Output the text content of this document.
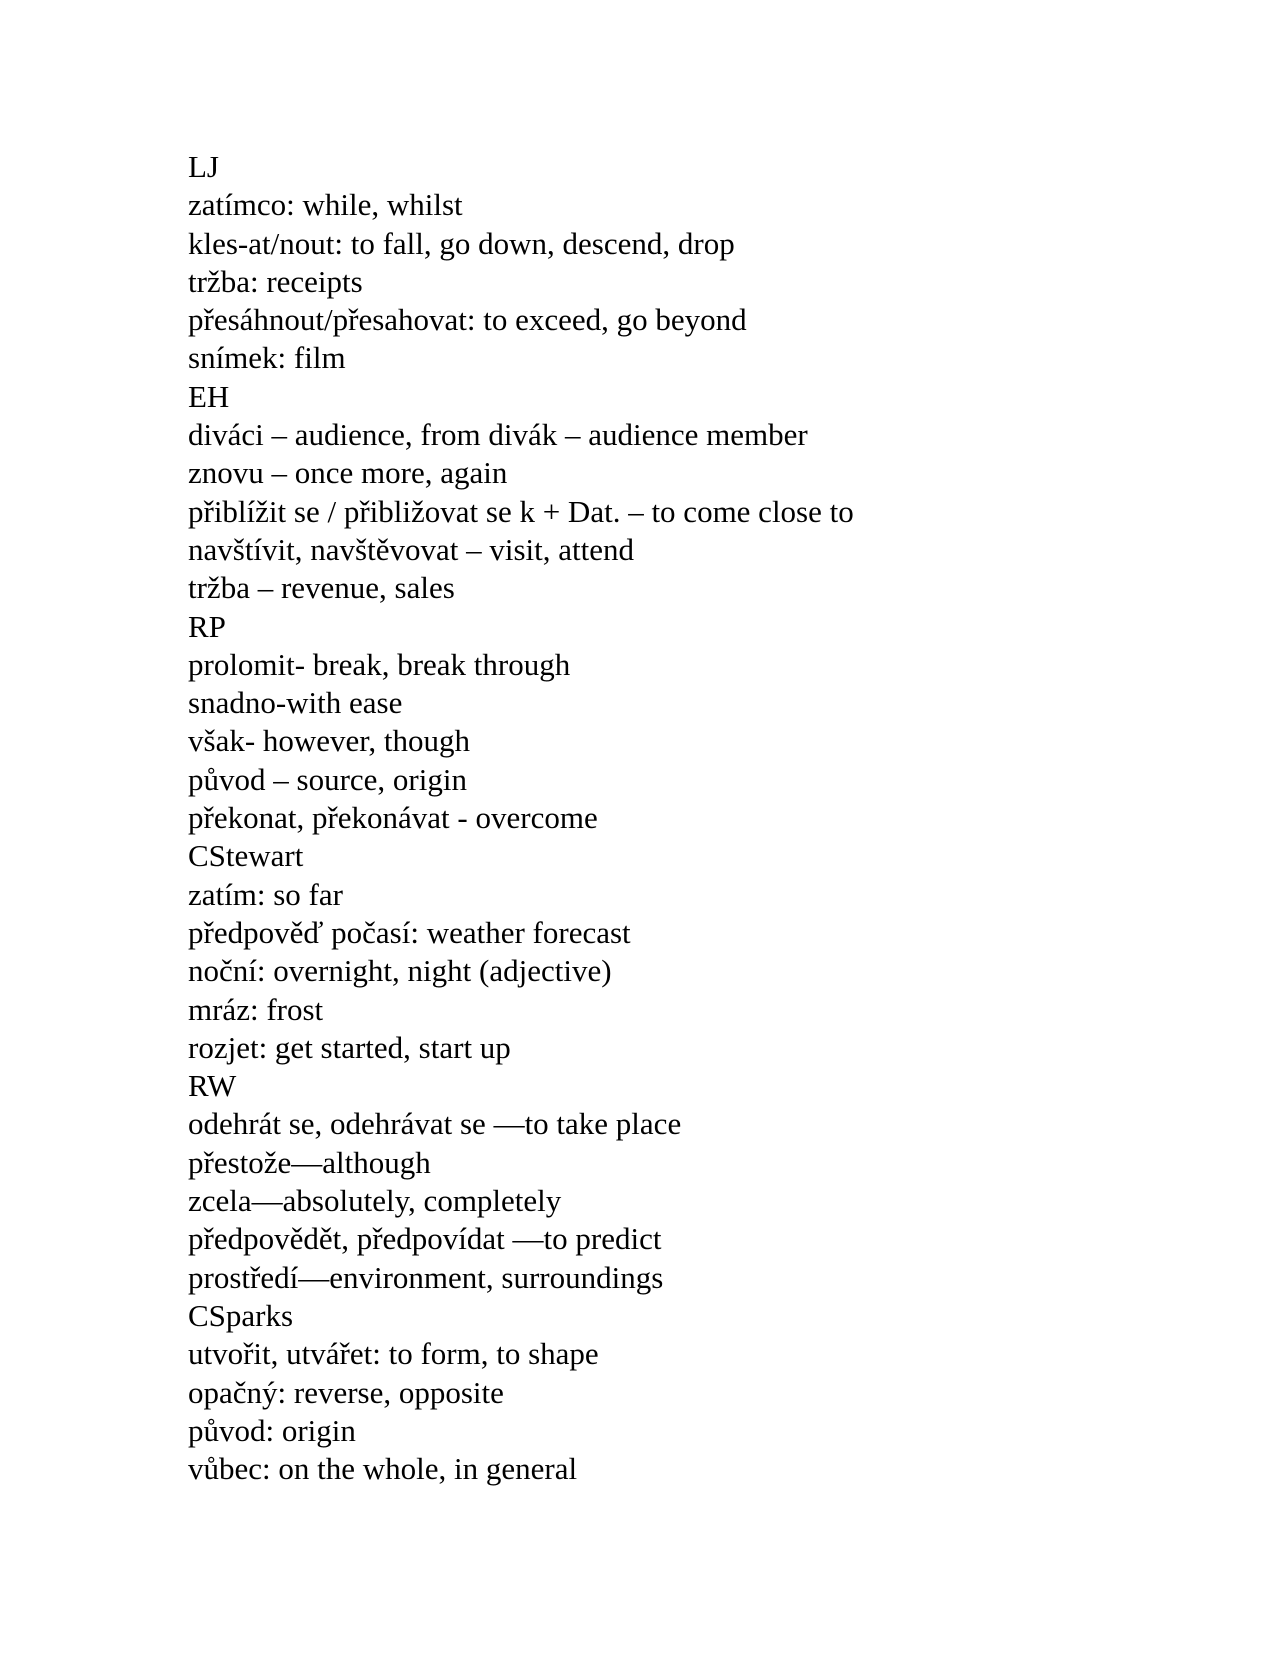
LJ
zatímco: while, whilst
kles-at/nout: to fall, go down, descend, drop
tržba: receipts
přesáhnout/přesahovat: to exceed, go beyond
snímek: film
EH
diváci – audience, from divák – audience member
znovu – once more, again
přiblížit se / přibližovat se k + Dat. – to come close to
navštívit, navštěvovat – visit, attend
tržba – revenue, sales
RP
prolomit- break, break through
snadno-with ease
však- however, though
původ – source, origin
překonat, překonávat - overcome
CStewart
zatím: so far
předpověď počasí: weather forecast
noční: overnight, night (adjective)
mráz: frost
rozjet: get started, start up
RW
odehrát se, odehrávat se —to take place
přestože—although
zcela—absolutely, completely
předpovědět, předpovídat —to predict
prostředí—environment, surroundings
CSparks
utvořit, utvářet: to form, to shape
opačný: reverse, opposite
původ: origin
vůbec: on the whole, in general
